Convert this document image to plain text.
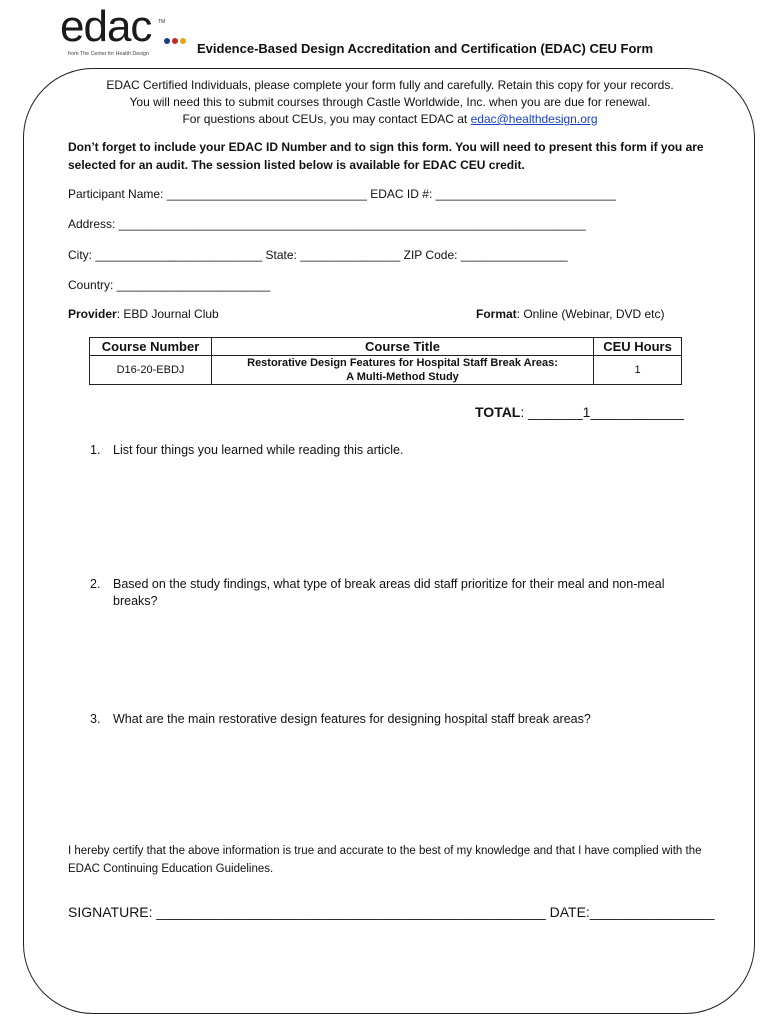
edac TM
from The Center for Health Design	Evidence-Based Design Accreditation and Certification (EDAC) CEU Form
EDAC Certified Individuals, please complete your form fully and carefully. Retain this copy for your records.
You will need this to submit courses through Castle Worldwide, Inc. when you are due for renewal.
For questions about CEUs, you may contact EDAC at edac@healthdesign.org
Don’t forget to include your EDAC ID Number and to sign this form. You will need to present this form if you are selected for an audit. The session listed below is available for EDAC CEU credit.
Participant Name: ______________________________ EDAC ID #: ___________________________
Address: ______________________________________________________________________
City: _________________________ State: _______________ ZIP Code: ________________
Country: _______________________
Provider: EBD Journal Club	Format: Online (Webinar, DVD etc)
Course Number	Course Title	CEU Hours
D16-20-EBDJ	Restorative Design Features for Hospital Staff Break Areas:
A Multi-Method Study	1
TOTAL: _______1____________
1.	List four things you learned while reading this article.
2.	Based on the study findings, what type of break areas did staff prioritize for their meal and non-meal breaks?
3.	What are the main restorative design features for designing hospital staff break areas?
I hereby certify that the above information is true and accurate to the best of my knowledge and that I have complied with the EDAC Continuing Education Guidelines.
SIGNATURE: __________________________________________________ DATE:________________
